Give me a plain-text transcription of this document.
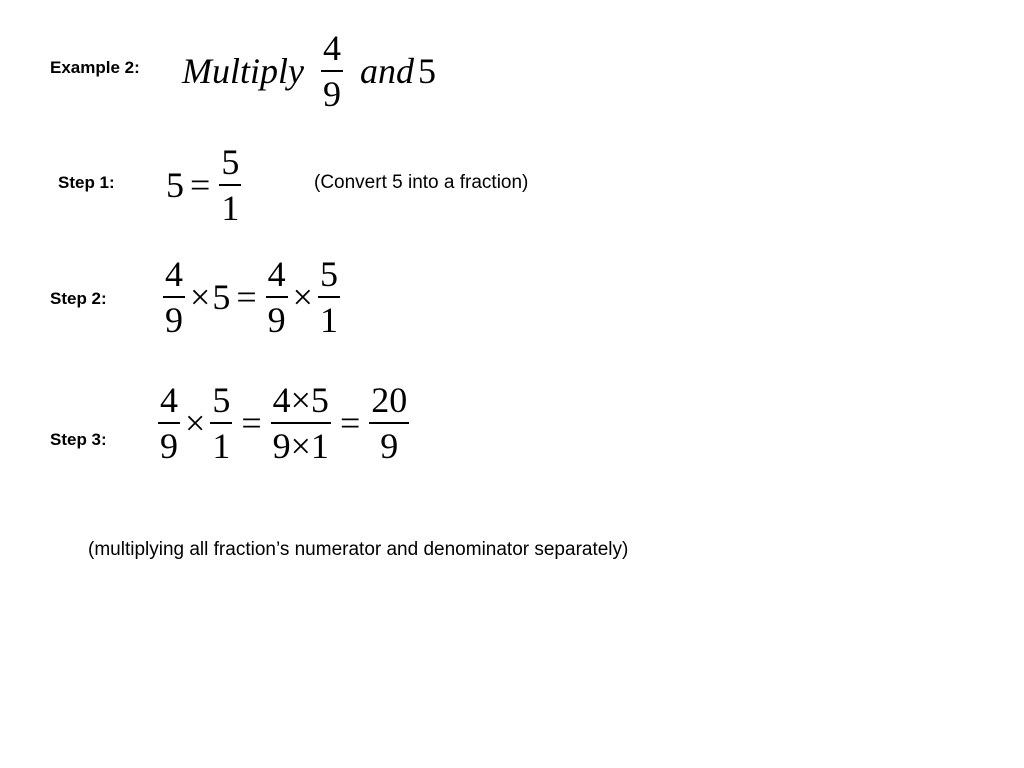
Example 2: Multiply $\frac{4}{9}$ and 5
Step 1: $5 = \frac{5}{1}$	(Convert 5 into a fraction)
Step 2: $\frac{4}{9} \times 5 = \frac{4}{9} \times \frac{5}{1}$
Step 3: $\frac{4}{9} \times \frac{5}{1} = \frac{4\times 5}{9\times 1} = \frac{20}{9}$
(multiplying all fraction’s numerator and denominator separately)
